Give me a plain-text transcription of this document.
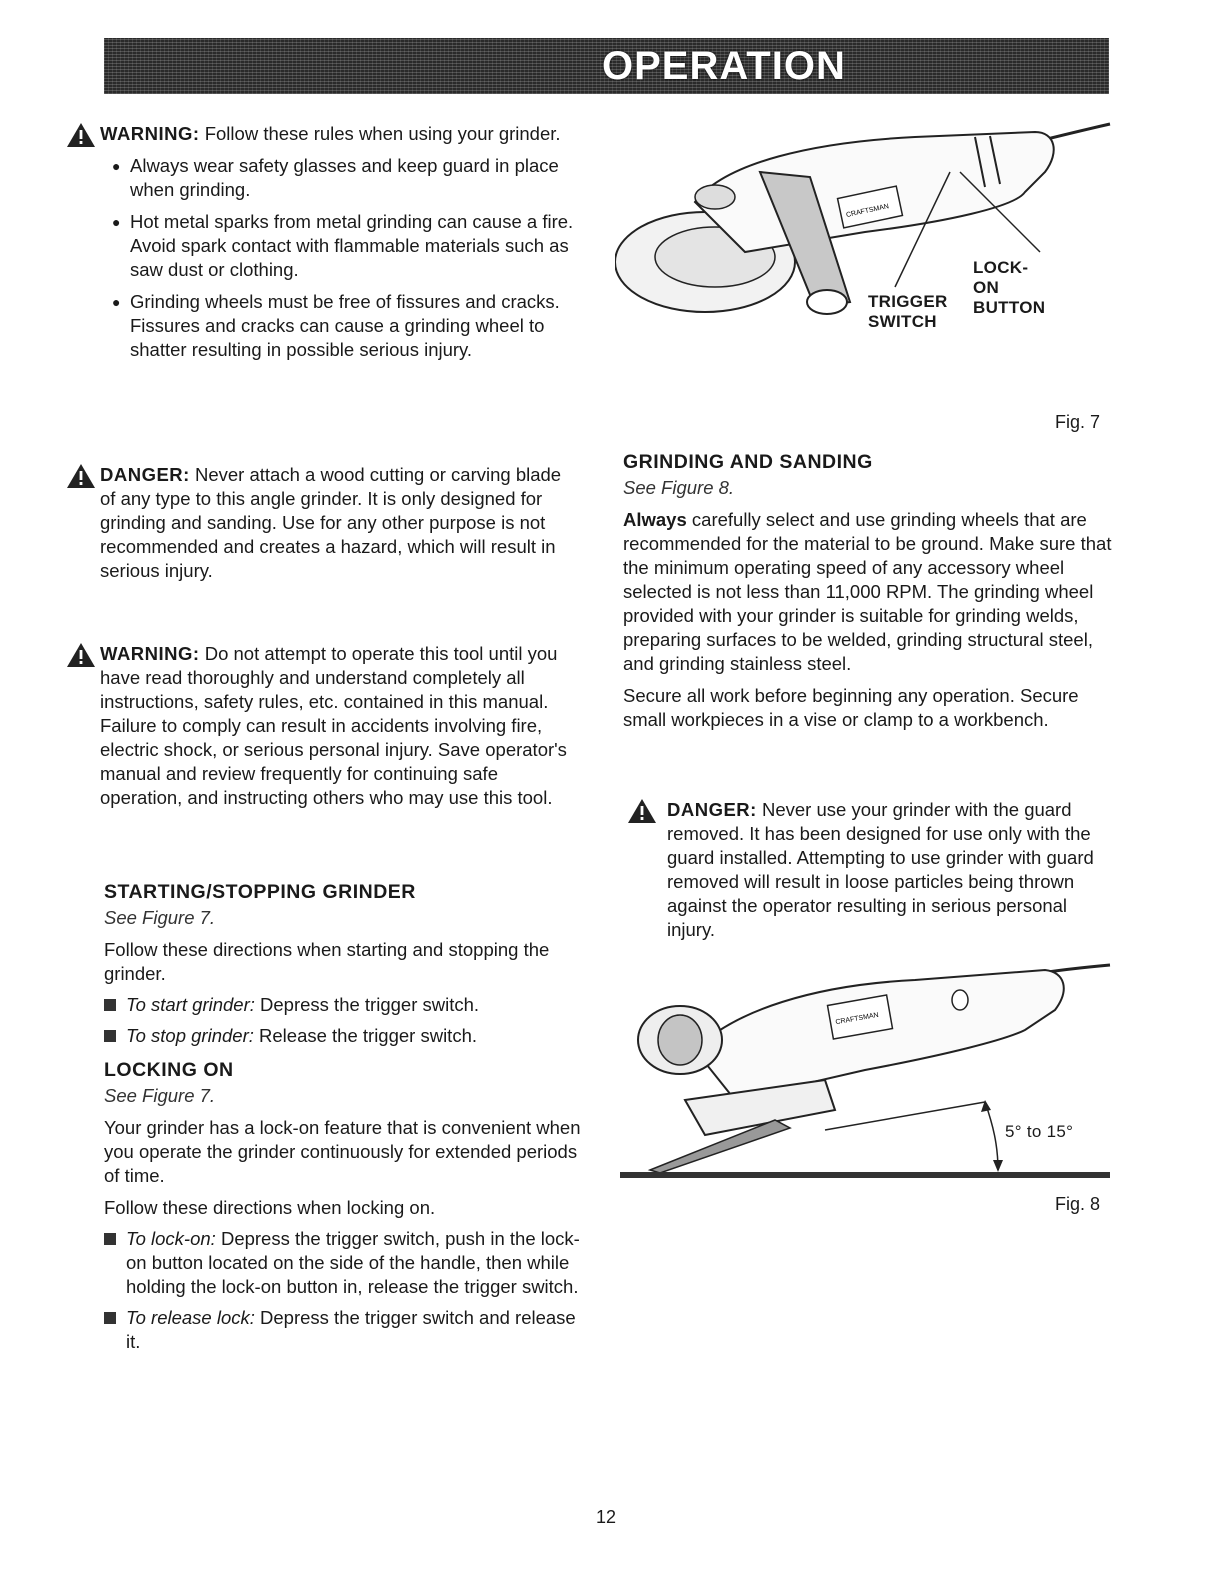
OPERATION

WARNING: Follow these rules when using your grinder.

● Always wear safety glasses and keep guard in place when grinding.
● Hot metal sparks from metal grinding can cause a fire. Avoid spark contact with flammable materials such as saw dust or clothing.
● Grinding wheels must be free of fissures and cracks. Fissures and cracks can cause a grinding wheel to shatter resulting in possible serious injury.

DANGER: Never attach a wood cutting or carving blade of any type to this angle grinder. It is only designed for grinding and sanding. Use for any other purpose is not recommended and creates a hazard, which will result in serious injury.

WARNING: Do not attempt to operate this tool until you have read thoroughly and understand completely all instructions, safety rules, etc. contained in this manual. Failure to comply can result in accidents involving fire, electric shock, or serious personal injury. Save operator's manual and review frequently for continuing safe operation, and instructing others who may use this tool.

STARTING/STOPPING GRINDER

See Figure 7.

Follow these directions when starting and stopping the grinder.

To start grinder: Depress the trigger switch.
To stop grinder: Release the trigger switch.
LOCKING ON

See Figure 7.

Your grinder has a lock-on feature that is convenient when you operate the grinder continuously for extended periods of time.

Follow these directions when locking on.

To lock-on: Depress the trigger switch, push in the lock-on button located on the side of the handle, then while holding the lock-on button in, release the trigger switch.
To release lock: Depress the trigger switch and release it.
CRAFTSMAN
TRIGGER SWITCH
LOCK-ON BUTTON
Fig. 7
GRINDING AND SANDING

See Figure 8.

Always carefully select and use grinding wheels that are recommended for the material to be ground. Make sure that the minimum operating speed of any accessory wheel selected is not less than 11,000 RPM. The grinding wheel provided with your grinder is suitable for grinding welds, preparing surfaces to be welded, grinding structural steel, and grinding stainless steel.

Secure all work before beginning any operation. Secure small workpieces in a vise or clamp to a workbench.

DANGER: Never use your grinder with the guard removed. It has been designed for use only with the guard installed. Attempting to use grinder with guard removed will result in loose particles being thrown against the operator resulting in serious personal injury.

CRAFTSMAN
5° to 15°
Fig. 8
12
